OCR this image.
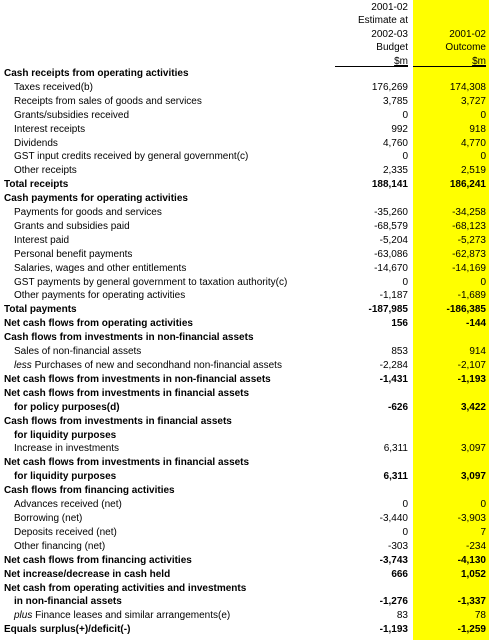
2001-02
Estimate at
2002-03
Budget
$m
2001-02
Outcome
$m
Cash receipts from operating activities				
Taxes received(b)	176,269		174,308	
Receipts from sales of goods and services	3,785		3,727	
Grants/subsidies received	0		0	
Interest receipts	992		918	
Dividends	4,760		4,770	
GST input credits received by general government(c)	0		0	
Other receipts	2,335		2,519	
Total receipts	188,141		186,241	
Cash payments for operating activities				
Payments for goods and services	-35,260		-34,258	
Grants and subsidies paid	-68,579		-68,123	
Interest paid	-5,204		-5,273	
Personal benefit payments	-63,086		-62,873	
Salaries, wages and other entitlements	-14,670		-14,169	
GST payments by general government to taxation authority(c)	0		0	
Other payments for operating activities	-1,187		-1,689	
Total payments	-187,985		-186,385	
Net cash flows from operating activities	156		-144	
Cash flows from investments in non-financial assets				
Sales of non-financial assets	853		914	
less Purchases of new and secondhand non-financial assets	-2,284		-2,107	
Net cash flows from investments in non-financial assets	-1,431		-1,193	
Net cash flows from investments in financial assets				
for policy purposes(d)	-626		3,422	
Cash flows from investments in financial assets				
for liquidity purposes				
Increase in investments	6,311		3,097	
Net cash flows from investments in financial assets				
for liquidity purposes	6,311		3,097	
Cash flows from financing activities				
Advances received (net)	0		0	
Borrowing (net)	-3,440		-3,903	
Deposits received (net)	0		7	
Other financing (net)	-303		-234	
Net cash flows from financing activities	-3,743		-4,130	
Net increase/decrease in cash held	666		1,052	
Net cash from operating activities and investments				
in non-financial assets	-1,276		-1,337	
plus Finance leases and similar arrangements(e)	83		78	
Equals surplus(+)/deficit(-)	-1,193		-1,259	
